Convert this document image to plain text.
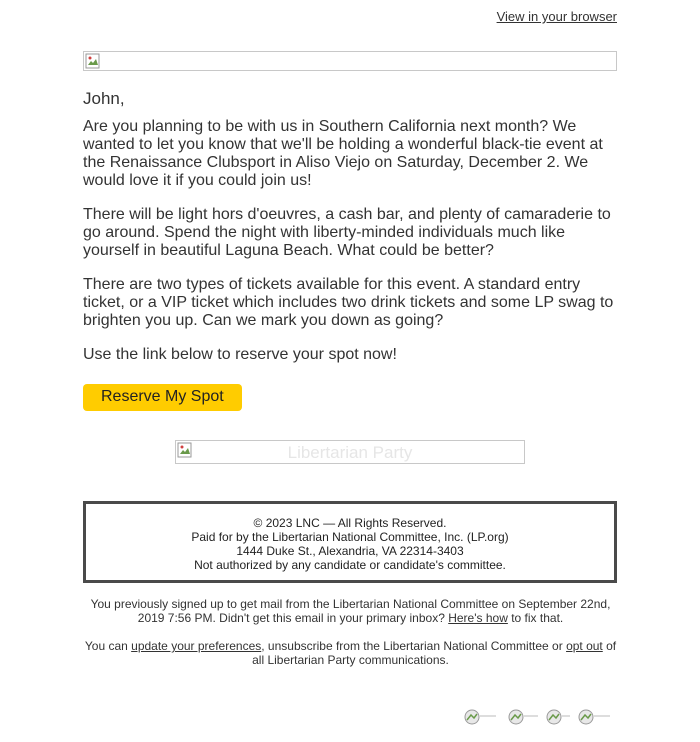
View in your browser
John,

Are you planning to be with us in Southern California next month? We wanted to let you know that we'll be holding a wonderful black-tie event at the Renaissance Clubsport in Aliso Viejo on Saturday, December 2. We would love it if you could join us!

There will be light hors d'oeuvres, a cash bar, and plenty of camaraderie to go around. Spend the night with liberty-minded individuals much like yourself in beautiful Laguna Beach. What could be better?

There are two types of tickets available for this event. A standard entry ticket, or a VIP ticket which includes two drink tickets and some LP swag to brighten you up. Can we mark you down as going?

Use the link below to reserve your spot now!

Reserve My Spot
Libertarian Party
© 2023 LNC — All Rights Reserved.
Paid for by the Libertarian National Committee, Inc. (LP.org)
1444 Duke St., Alexandria, VA 22314-3403
Not authorized by any candidate or candidate's committee.
You previously signed up to get mail from the Libertarian National Committee on September 22nd, 2019 7:56 PM. Didn't get this email in your primary inbox? Here's how to fix that.
You can update your preferences, unsubscribe from the Libertarian National Committee or opt out of all Libertarian Party communications.
